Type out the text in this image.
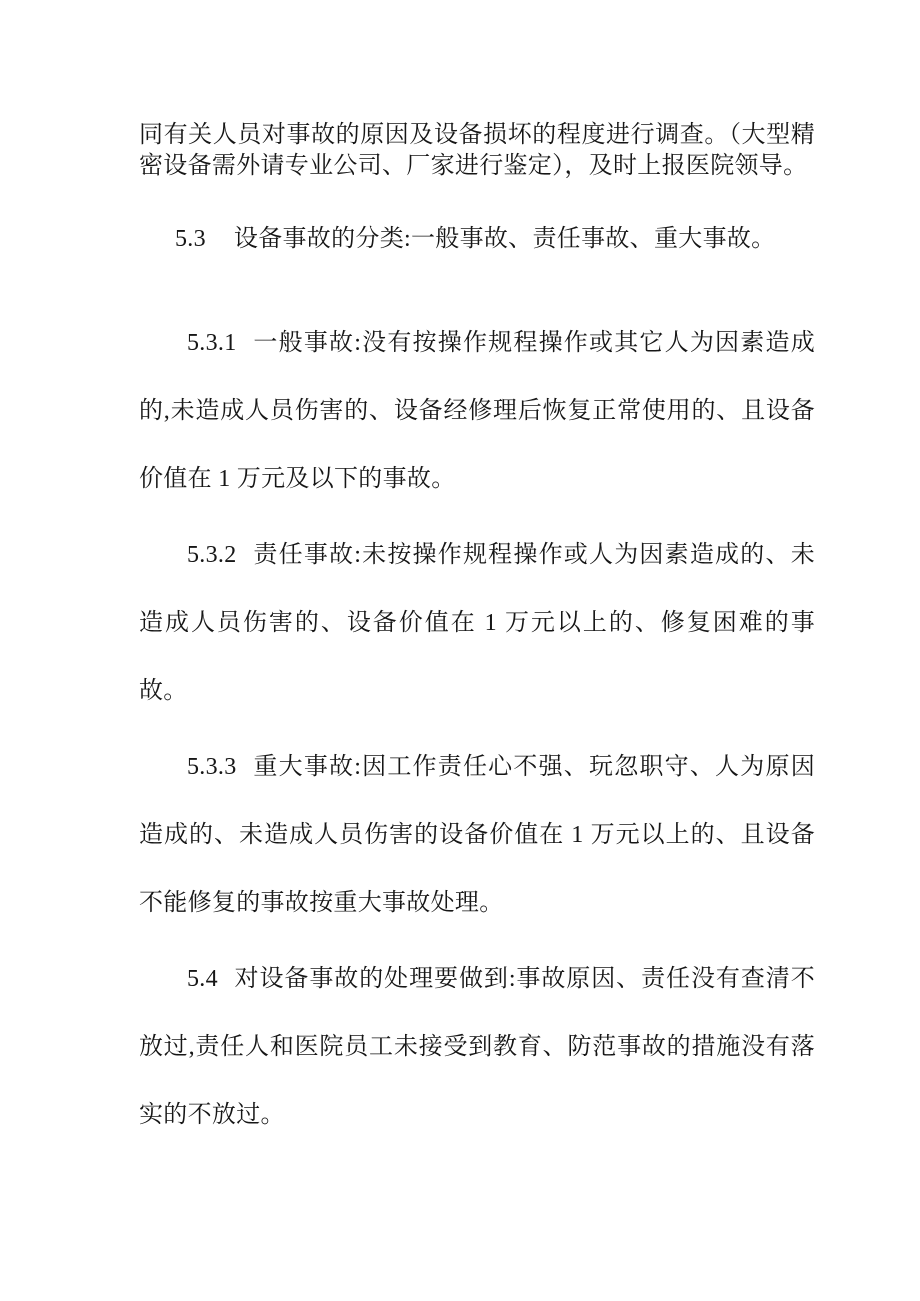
同有关人员对事故的原因及设备损坏的程度进行调查。（大型精密设备需外请专业公司、厂家进行鉴定），及时上报医院领导。

5.3 设备事故的分类:一般事故、责任事故、重大事故。

5.3.1 一般事故:没有按操作规程操作或其它人为因素造成的,未造成人员伤害的、设备经修理后恢复正常使用的、且设备价值在 1 万元及以下的事故。

5.3.2 责任事故:未按操作规程操作或人为因素造成的、未造成人员伤害的、设备价值在 1 万元以上的、修复困难的事故。

5.3.3 重大事故:因工作责任心不强、玩忽职守、人为原因造成的、未造成人员伤害的设备价值在 1 万元以上的、且设备不能修复的事故按重大事故处理。

5.4 对设备事故的处理要做到:事故原因、责任没有查清不放过,责任人和医院员工未接受到教育、防范事故的措施没有落实的不放过。
